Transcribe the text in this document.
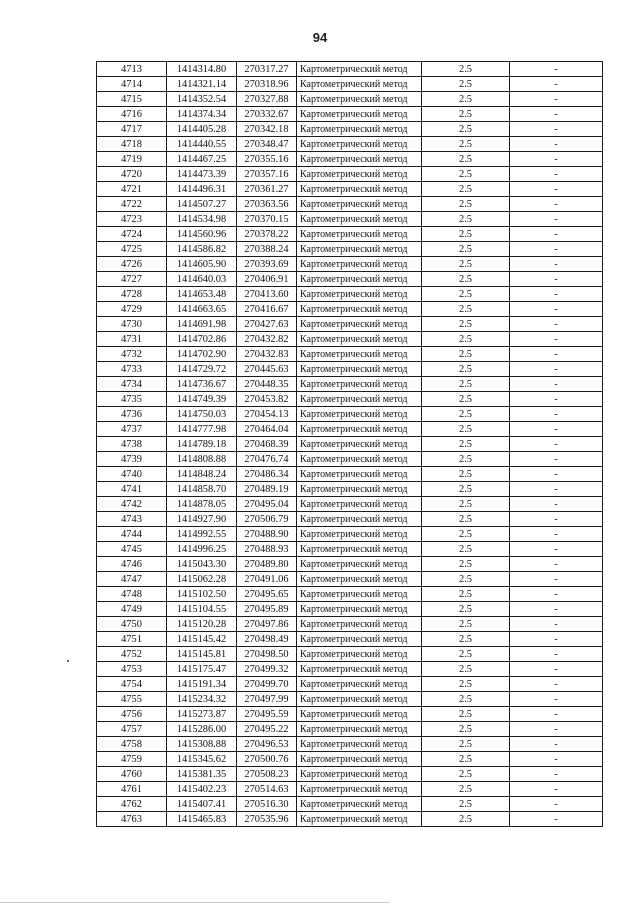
94
4713	1414314.80	270317.27	Картометрический метод	2.5	-
4714	1414321.14	270318.96	Картометрический метод	2.5	-
4715	1414352.54	270327.88	Картометрический метод	2.5	-
4716	1414374.34	270332.67	Картометрический метод	2.5	-
4717	1414405.28	270342.18	Картометрический метод	2.5	-
4718	1414440.55	270348.47	Картометрический метод	2.5	-
4719	1414467.25	270355.16	Картометрический метод	2.5	-
4720	1414473.39	270357.16	Картометрический метод	2.5	-
4721	1414496.31	270361.27	Картометрический метод	2.5	-
4722	1414507.27	270363.56	Картометрический метод	2.5	-
4723	1414534.98	270370.15	Картометрический метод	2.5	-
4724	1414560.96	270378.22	Картометрический метод	2.5	-
4725	1414586.82	270388.24	Картометрический метод	2.5	-
4726	1414605.90	270393.69	Картометрический метод	2.5	-
4727	1414640.03	270406.91	Картометрический метод	2.5	-
4728	1414653.48	270413.60	Картометрический метод	2.5	-
4729	1414663.65	270416.67	Картометрический метод	2.5	-
4730	1414691.98	270427.63	Картометрический метод	2.5	-
4731	1414702.86	270432.82	Картометрический метод	2.5	-
4732	1414702.90	270432.83	Картометрический метод	2.5	-
4733	1414729.72	270445.63	Картометрический метод	2.5	-
4734	1414736.67	270448.35	Картометрический метод	2.5	-
4735	1414749.39	270453.82	Картометрический метод	2.5	-
4736	1414750.03	270454.13	Картометрический метод	2.5	-
4737	1414777.98	270464.04	Картометрический метод	2.5	-
4738	1414789.18	270468.39	Картометрический метод	2.5	-
4739	1414808.88	270476.74	Картометрический метод	2.5	-
4740	1414848.24	270486.34	Картометрический метод	2.5	-
4741	1414858.70	270489.19	Картометрический метод	2.5	-
4742	1414878.05	270495.04	Картометрический метод	2.5	-
4743	1414927.90	270506.79	Картометрический метод	2.5	-
4744	1414992.55	270488.90	Картометрический метод	2.5	-
4745	1414996.25	270488.93	Картометрический метод	2.5	-
4746	1415043.30	270489.80	Картометрический метод	2.5	-
4747	1415062.28	270491.06	Картометрический метод	2.5	-
4748	1415102.50	270495.65	Картометрический метод	2.5	-
4749	1415104.55	270495.89	Картометрический метод	2.5	-
4750	1415120.28	270497.86	Картометрический метод	2.5	-
4751	1415145.42	270498.49	Картометрический метод	2.5	-
4752	1415145.81	270498.50	Картометрический метод	2.5	-
4753	1415175.47	270499.32	Картометрический метод	2.5	-
4754	1415191.34	270499.70	Картометрический метод	2.5	-
4755	1415234.32	270497.99	Картометрический метод	2.5	-
4756	1415273.87	270495.59	Картометрический метод	2.5	-
4757	1415286.00	270495.22	Картометрический метод	2.5	-
4758	1415308.88	270496.53	Картометрический метод	2.5	-
4759	1415345.62	270500.76	Картометрический метод	2.5	-
4760	1415381.35	270508.23	Картометрический метод	2.5	-
4761	1415402.23	270514.63	Картометрический метод	2.5	-
4762	1415407.41	270516.30	Картометрический метод	2.5	-
4763	1415465.83	270535.96	Картометрический метод	2.5	-
